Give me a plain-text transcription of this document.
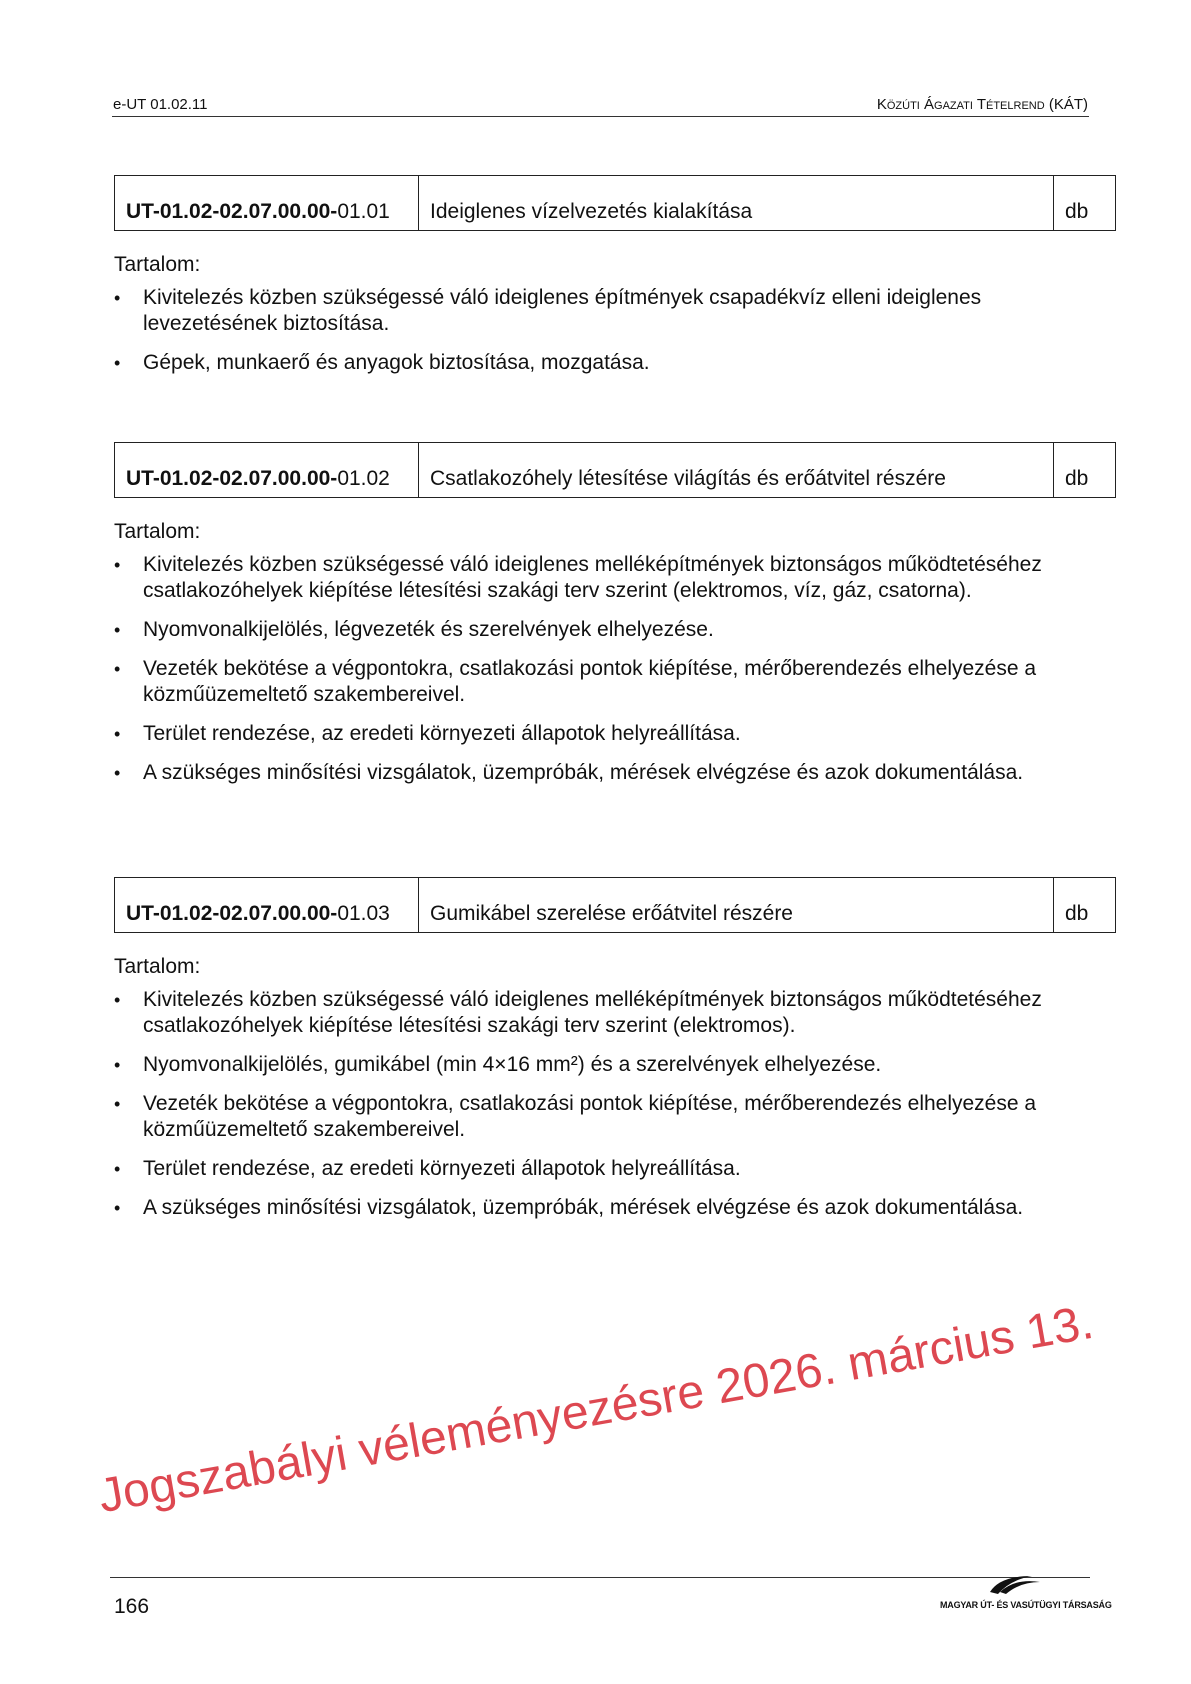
e-UT 01.02.11	Közúti Ágazati Tételrend (KÁT)
UT-01.02-02.07.00.00- 01.01	Ideiglenes vízelvezetés kialakítása	db
Tartalom:
• Kivitelezés közben szükségessé váló ideiglenes építmények csapadékvíz elleni ideiglenes levezetésének biztosítása.
• Gépek, munkaerő és anyagok biztosítása, mozgatása.
UT-01.02-02.07.00.00- 01.02	Csatlakozóhely létesítése világítás és erőátvitel részére	db
Tartalom:
• Kivitelezés közben szükségessé váló ideiglenes melléképítmények biztonságos működtetéséhez csatlakozóhelyek kiépítése létesítési szakági terv szerint (elektromos, víz, gáz, csatorna).
• Nyomvonalkijelölés, légvezeték és szerelvények elhelyezése.
• Vezeték bekötése a végpontokra, csatlakozási pontok kiépítése, mérőberendezés elhelyezése a közműüzemeltető szakembereivel.
• Terület rendezése, az eredeti környezeti állapotok helyreállítása.
• A szükséges minősítési vizsgálatok, üzempróbák, mérések elvégzése és azok dokumentálása.
UT-01.02-02.07.00.00- 01.03	Gumikábel szerelése erőátvitel részére	db
Tartalom:
• Kivitelezés közben szükségessé váló ideiglenes melléképítmények biztonságos működtetéséhez csatlakozóhelyek kiépítése létesítési szakági terv szerint (elektromos).
• Nyomvonalkijelölés, gumikábel (min 4×16 mm²) és a szerelvények elhelyezése.
• Vezeték bekötése a végpontokra, csatlakozási pontok kiépítése, mérőberendezés elhelyezése a közműüzemeltető szakembereivel.
• Terület rendezése, az eredeti környezeti állapotok helyreállítása.
• A szükséges minősítési vizsgálatok, üzempróbák, mérések elvégzése és azok dokumentálása.
Jogszabályi véleményezésre 2026. március 13.
166	MAGYAR ÚT- ÉS VASÚTÜGYI TÁRSASÁG
